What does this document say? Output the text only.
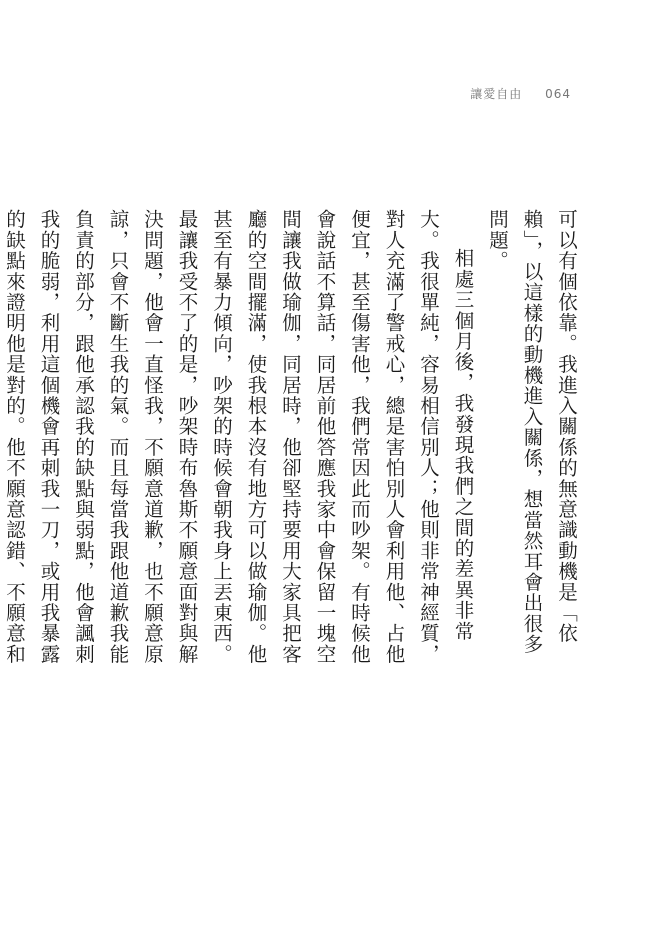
讓愛自由 064

可以有個依靠。我進入關係的無意識動機是「依賴」，以這樣的動機進入關係，想當然耳會出很多問題。

相處三個月後，我發現我們之間的差異非常大。我很單純，容易相信別人；他則非常神經質，對人充滿了警戒心，總是害怕別人會利用他、占他便宜，甚至傷害他，我們常因此而吵架。有時候他會說話不算話，同居前他答應我家中會保留一塊空間讓我做瑜伽，同居時，他卻堅持要用大家具把客廳的空間擺滿，使我根本沒有地方可以做瑜伽。他甚至有暴力傾向，吵架的時候會朝我身上丟東西。最讓我受不了的是，吵架時布魯斯不願意面對與解決問題，他會一直怪我，不願意道歉，也不願意原諒，只會不斷生我的氣。而且每當我跟他道歉我能負責的部分，跟他承認我的缺點與弱點，他會諷刺我的脆弱，利用這個機會再刺我一刀，或用我暴露的缺點來證明他是對的。他不願意認錯、不願意和
